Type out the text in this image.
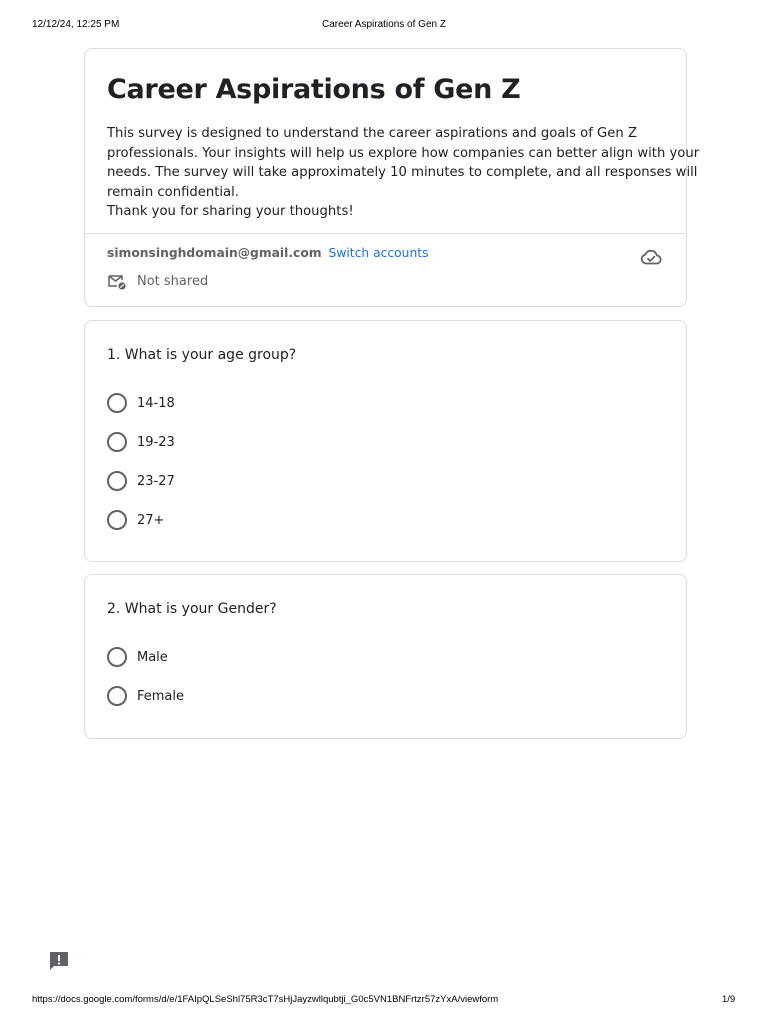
12/12/24, 12:25 PM	Career Aspirations of Gen Z
Career Aspirations of Gen Z
This survey is designed to understand the career aspirations and goals of Gen Z
professionals. Your insights will help us explore how companies can better align with your
needs. The survey will take approximately 10 minutes to complete, and all responses will
remain confidential.
Thank you for sharing your thoughts!
simonsinghdomain@gmail.com Switch accounts
Not shared
1. What is your age group?
14-18
19-23
23-27
27+
2. What is your Gender?
Male
Female
https://docs.google.com/forms/d/e/1FAIpQLSeShl75R3cT7sHjJayzwllqubtji_G0c5VN1BNFrtzr57zYxA/viewform	1/9
